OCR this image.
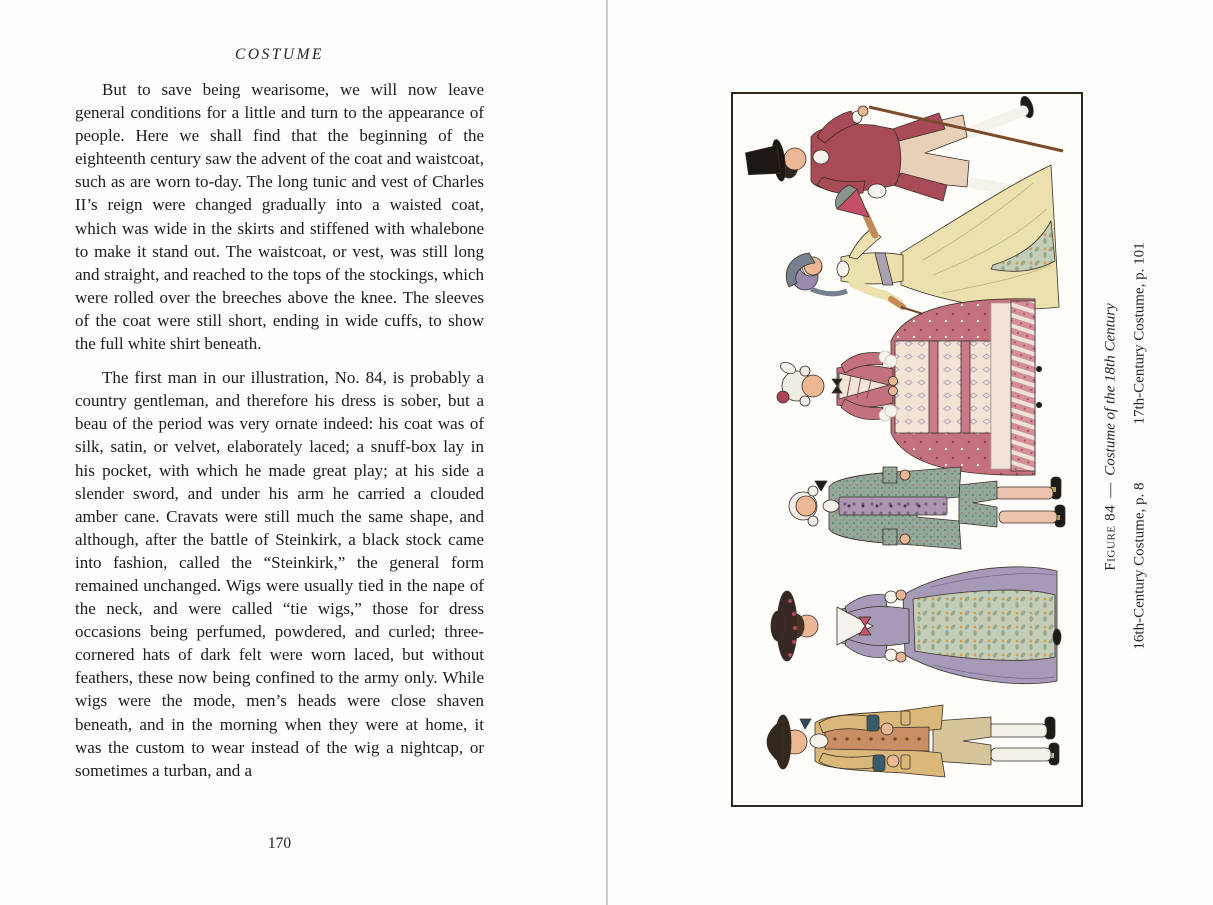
COSTUME

But to save being wearisome, we will now leave general conditions for a little and turn to the appearance of people. Here we shall find that the beginning of the eighteenth century saw the advent of the coat and waistcoat, such as are worn to-day. The long tunic and vest of Charles II’s reign were changed gradually into a waisted coat, which was wide in the skirts and stiffened with whalebone to make it stand out. The waistcoat, or vest, was still long and straight, and reached to the tops of the stockings, which were rolled over the breeches above the knee. The sleeves of the coat were still short, ending in wide cuffs, to show the full white shirt beneath.

The first man in our illustration, No. 84, is probably a country gentleman, and therefore his dress is sober, but a beau of the period was very ornate indeed: his coat was of silk, satin, or velvet, elaborately laced; a snuff-box lay in his pocket, with which he made great play; at his side a slender sword, and under his arm he carried a clouded amber cane. Cravats were still much the same shape, and although, after the battle of Steinkirk, a black stock came into fashion, called the “Steinkirk,” the general form remained unchanged. Wigs were usually tied in the nape of the neck, and were called “tie wigs,” those for dress occasions being perfumed, powdered, and curled; three-cornered hats of dark felt were worn laced, but without feathers, these now being confined to the army only. While wigs were the mode, men’s heads were close shaven beneath, and in the morning when they were at home, it was the custom to wear instead of the wig a nightcap, or sometimes a turban, and a

170
Figure 84—Costume of the 18th Century
16th-Century Costume, p. 817th-Century Costume, p. 101
